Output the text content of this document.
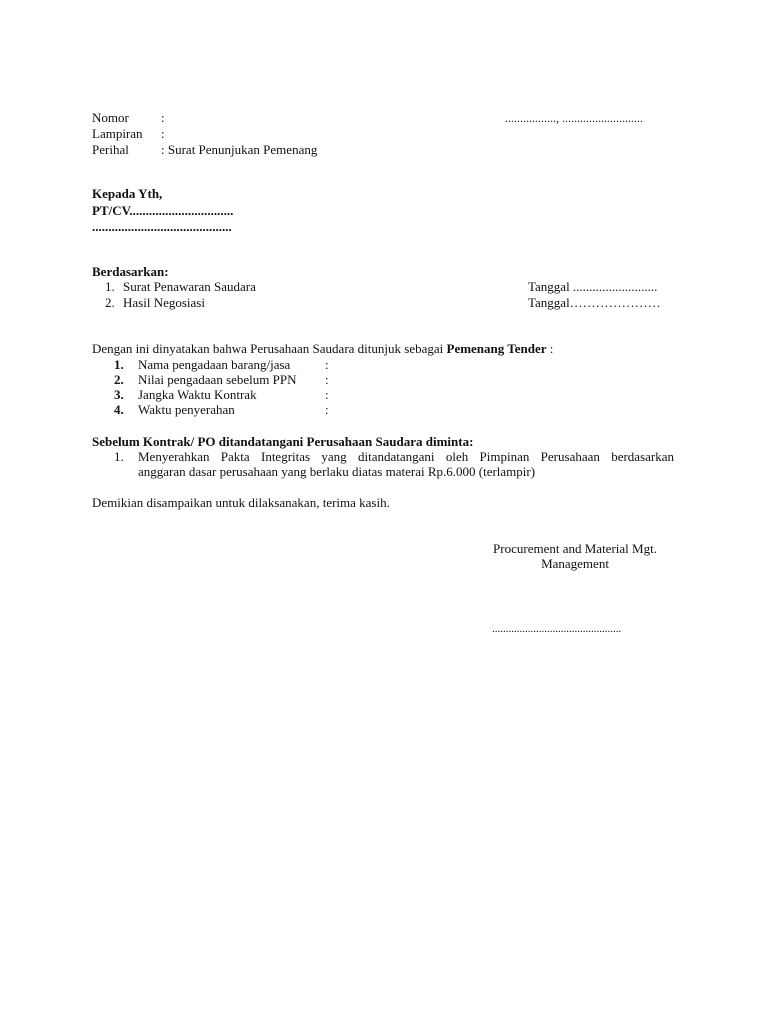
Nomor :	................., ...........................
Lampiran :
Perihal : Surat Penunjukan Pemenang
Kepada Yth,
PT/CV................................
...........................................
Berdasarkan:
1. Surat Penawaran Saudara	Tanggal ..........................
2. Hasil Negosiasi	Tanggal…………………
Dengan ini dinyatakan bahwa Perusahaan Saudara ditunjuk sebagai Pemenang Tender :
1. Nama pengadaan barang/jasa	:
2. Nilai pengadaan sebelum PPN :
3. Jangka Waktu Kontrak	:
4. Waktu penyerahan	:
Sebelum Kontrak/ PO ditandatangani Perusahaan Saudara diminta:
1. Menyerahkan Pakta Integritas yang ditandatangani oleh Pimpinan Perusahaan berdasarkan
anggaran dasar perusahaan yang berlaku diatas materai Rp.6.000 (terlampir)
Demikian disampaikan untuk dilaksanakan, terima kasih.
Procurement and Material Mgt.
Management
...............................................
